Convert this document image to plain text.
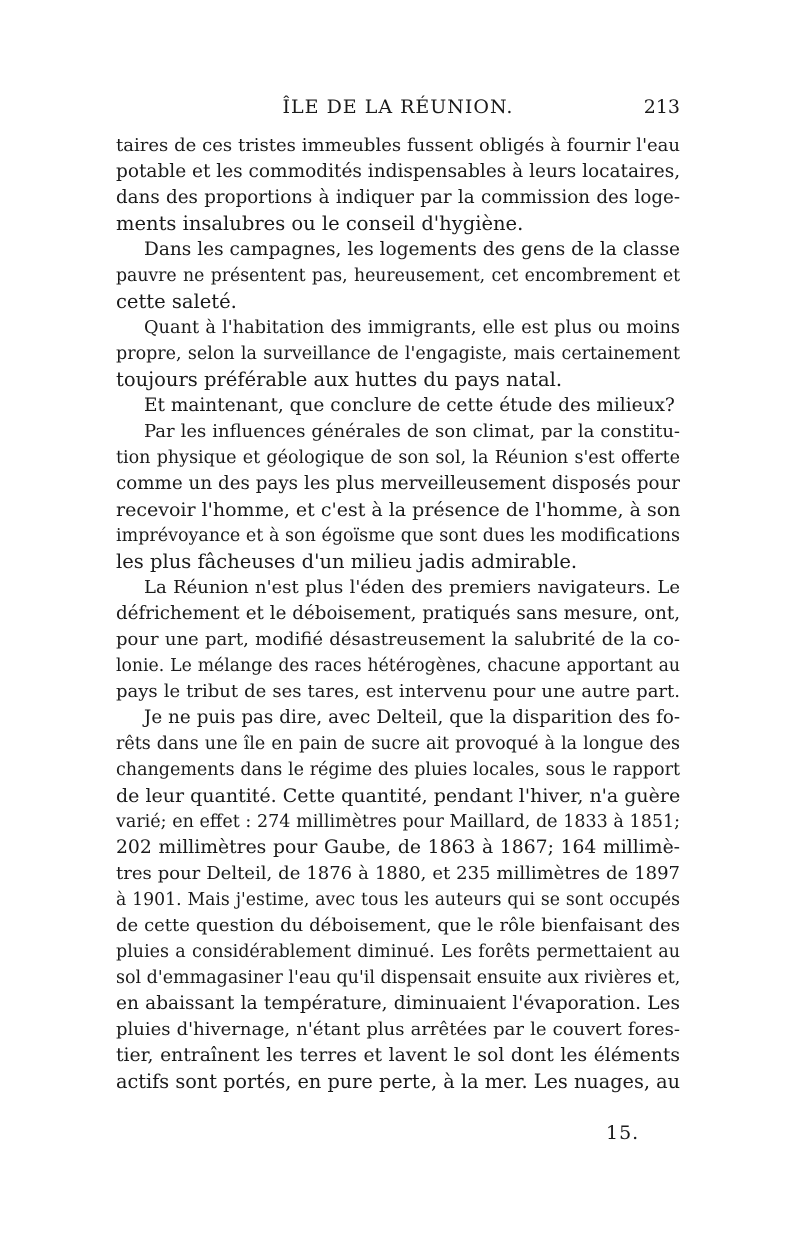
ÎLE DE LA RÉUNION.	213
taires de ces tristes immeubles fussent obligés à fournir l'eau
potable et les commodités indispensables à leurs locataires,
dans des proportions à indiquer par la commission des loge-
ments insalubres ou le conseil d'hygiène.
Dans les campagnes, les logements des gens de la classe
pauvre ne présentent pas, heureusement, cet encombrement et
cette saleté.
Quant à l'habitation des immigrants, elle est plus ou moins
propre, selon la surveillance de l'engagiste, mais certainement
toujours préférable aux huttes du pays natal.
Et maintenant, que conclure de cette étude des milieux?
Par les influences générales de son climat, par la constitu-
tion physique et géologique de son sol, la Réunion s'est offerte
comme un des pays les plus merveilleusement disposés pour
recevoir l'homme, et c'est à la présence de l'homme, à son
imprévoyance et à son égoïsme que sont dues les modifications
les plus fâcheuses d'un milieu jadis admirable.
La Réunion n'est plus l'éden des premiers navigateurs. Le
défrichement et le déboisement, pratiqués sans mesure, ont,
pour une part, modifié désastreusement la salubrité de la co-
lonie. Le mélange des races hétérogènes, chacune apportant au
pays le tribut de ses tares, est intervenu pour une autre part.
Je ne puis pas dire, avec Delteil, que la disparition des fo-
rêts dans une île en pain de sucre ait provoqué à la longue des
changements dans le régime des pluies locales, sous le rapport
de leur quantité. Cette quantité, pendant l'hiver, n'a guère
varié; en effet : 274 millimètres pour Maillard, de 1833 à 1851;
202 millimètres pour Gaube, de 1863 à 1867; 164 millimè-
tres pour Delteil, de 1876 à 1880, et 235 millimètres de 1897
à 1901. Mais j'estime, avec tous les auteurs qui se sont occupés
de cette question du déboisement, que le rôle bienfaisant des
pluies a considérablement diminué. Les forêts permettaient au
sol d'emmagasiner l'eau qu'il dispensait ensuite aux rivières et,
en abaissant la température, diminuaient l'évaporation. Les
pluies d'hivernage, n'étant plus arrêtées par le couvert fores-
tier, entraînent les terres et lavent le sol dont les éléments
actifs sont portés, en pure perte, à la mer. Les nuages, au
15.
